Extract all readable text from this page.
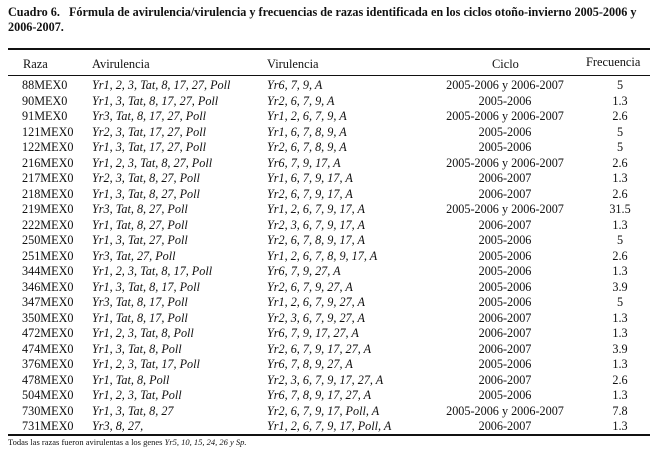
Cuadro 6. Fórmula de avirulencia/virulencia y frecuencias de razas identificada en los ciclos otoño-invierno 2005-2006 y 2006-2007.
Raza	Avirulencia	Virulencia	Ciclo	Frecuencia
88MEX0 Yr1, 2, 3, Tat, 8, 17, 27, Poll	Yr6, 7, 9, A	2005-2006 y 2006-2007	5
90MEX0 Yr1, 3, Tat, 8, 17, 27, Poll	Yr2, 6, 7, 9, A	2005-2006	1.3
91MEX0 Yr3, Tat, 8, 17, 27, Poll	Yr1, 2, 6, 7, 9, A	2005-2006 y 2006-2007	2.6
121MEX0 Yr2, 3, Tat, 17, 27, Poll	Yr1, 6, 7, 8, 9, A	2005-2006	5
122MEX0 Yr1, 3, Tat, 17, 27, Poll	Yr2, 6, 7, 8, 9, A	2005-2006	5
216MEX0 Yr1, 2, 3, Tat, 8, 27, Poll	Yr6, 7, 9, 17, A	2005-2006 y 2006-2007	2.6
217MEX0 Yr2, 3, Tat, 8, 27, Poll	Yr1, 6, 7, 9, 17, A	2006-2007	1.3
218MEX0 Yr1, 3, Tat, 8, 27, Poll	Yr2, 6, 7, 9, 17, A	2006-2007	2.6
219MEX0 Yr3, Tat, 8, 27, Poll	Yr1, 2, 6, 7, 9, 17, A	2005-2006 y 2006-2007	31.5
222MEX0 Yr1, Tat, 8, 27, Poll	Yr2, 3, 6, 7, 9, 17, A	2006-2007	1.3
250MEX0 Yr1, 3, Tat, 27, Poll	Yr2, 6, 7, 8, 9, 17, A	2005-2006	5
251MEX0 Yr3, Tat, 27, Poll	Yr1, 2, 6, 7, 8, 9, 17, A	2005-2006	2.6
344MEX0 Yr1, 2, 3, Tat, 8, 17, Poll	Yr6, 7, 9, 27, A	2005-2006	1.3
346MEX0 Yr1, 3, Tat, 8, 17, Poll	Yr2, 6, 7, 9, 27, A	2005-2006	3.9
347MEX0 Yr3, Tat, 8, 17, Poll	Yr1, 2, 6, 7, 9, 27, A	2005-2006	5
350MEX0 Yr1, Tat, 8, 17, Poll	Yr2, 3, 6, 7, 9, 27, A	2006-2007	1.3
472MEX0 Yr1, 2, 3, Tat, 8, Poll	Yr6, 7, 9, 17, 27, A	2006-2007	1.3
474MEX0 Yr1, 3, Tat, 8, Poll	Yr2, 6, 7, 9, 17, 27, A	2006-2007	3.9
376MEX0 Yr1, 2, 3, Tat, 17, Poll	Yr6, 7, 8, 9, 27, A	2005-2006	1.3
478MEX0 Yr1, Tat, 8, Poll	Yr2, 3, 6, 7, 9, 17, 27, A	2006-2007	2.6
504MEX0 Yr1, 2, 3, Tat, Poll	Yr6, 7, 8, 9, 17, 27, A	2005-2006	1.3
730MEX0 Yr1, 3, Tat, 8, 27	Yr2, 6, 7, 9, 17, Poll, A	2005-2006 y 2006-2007	7.8
731MEX0 Yr3, 8, 27,	Yr1, 2, 6, 7, 9, 17, Poll, A	2006-2007	1.3
Todas las razas fueron avirulentas a los genes Yr5, 10, 15, 24, 26 y Sp.
